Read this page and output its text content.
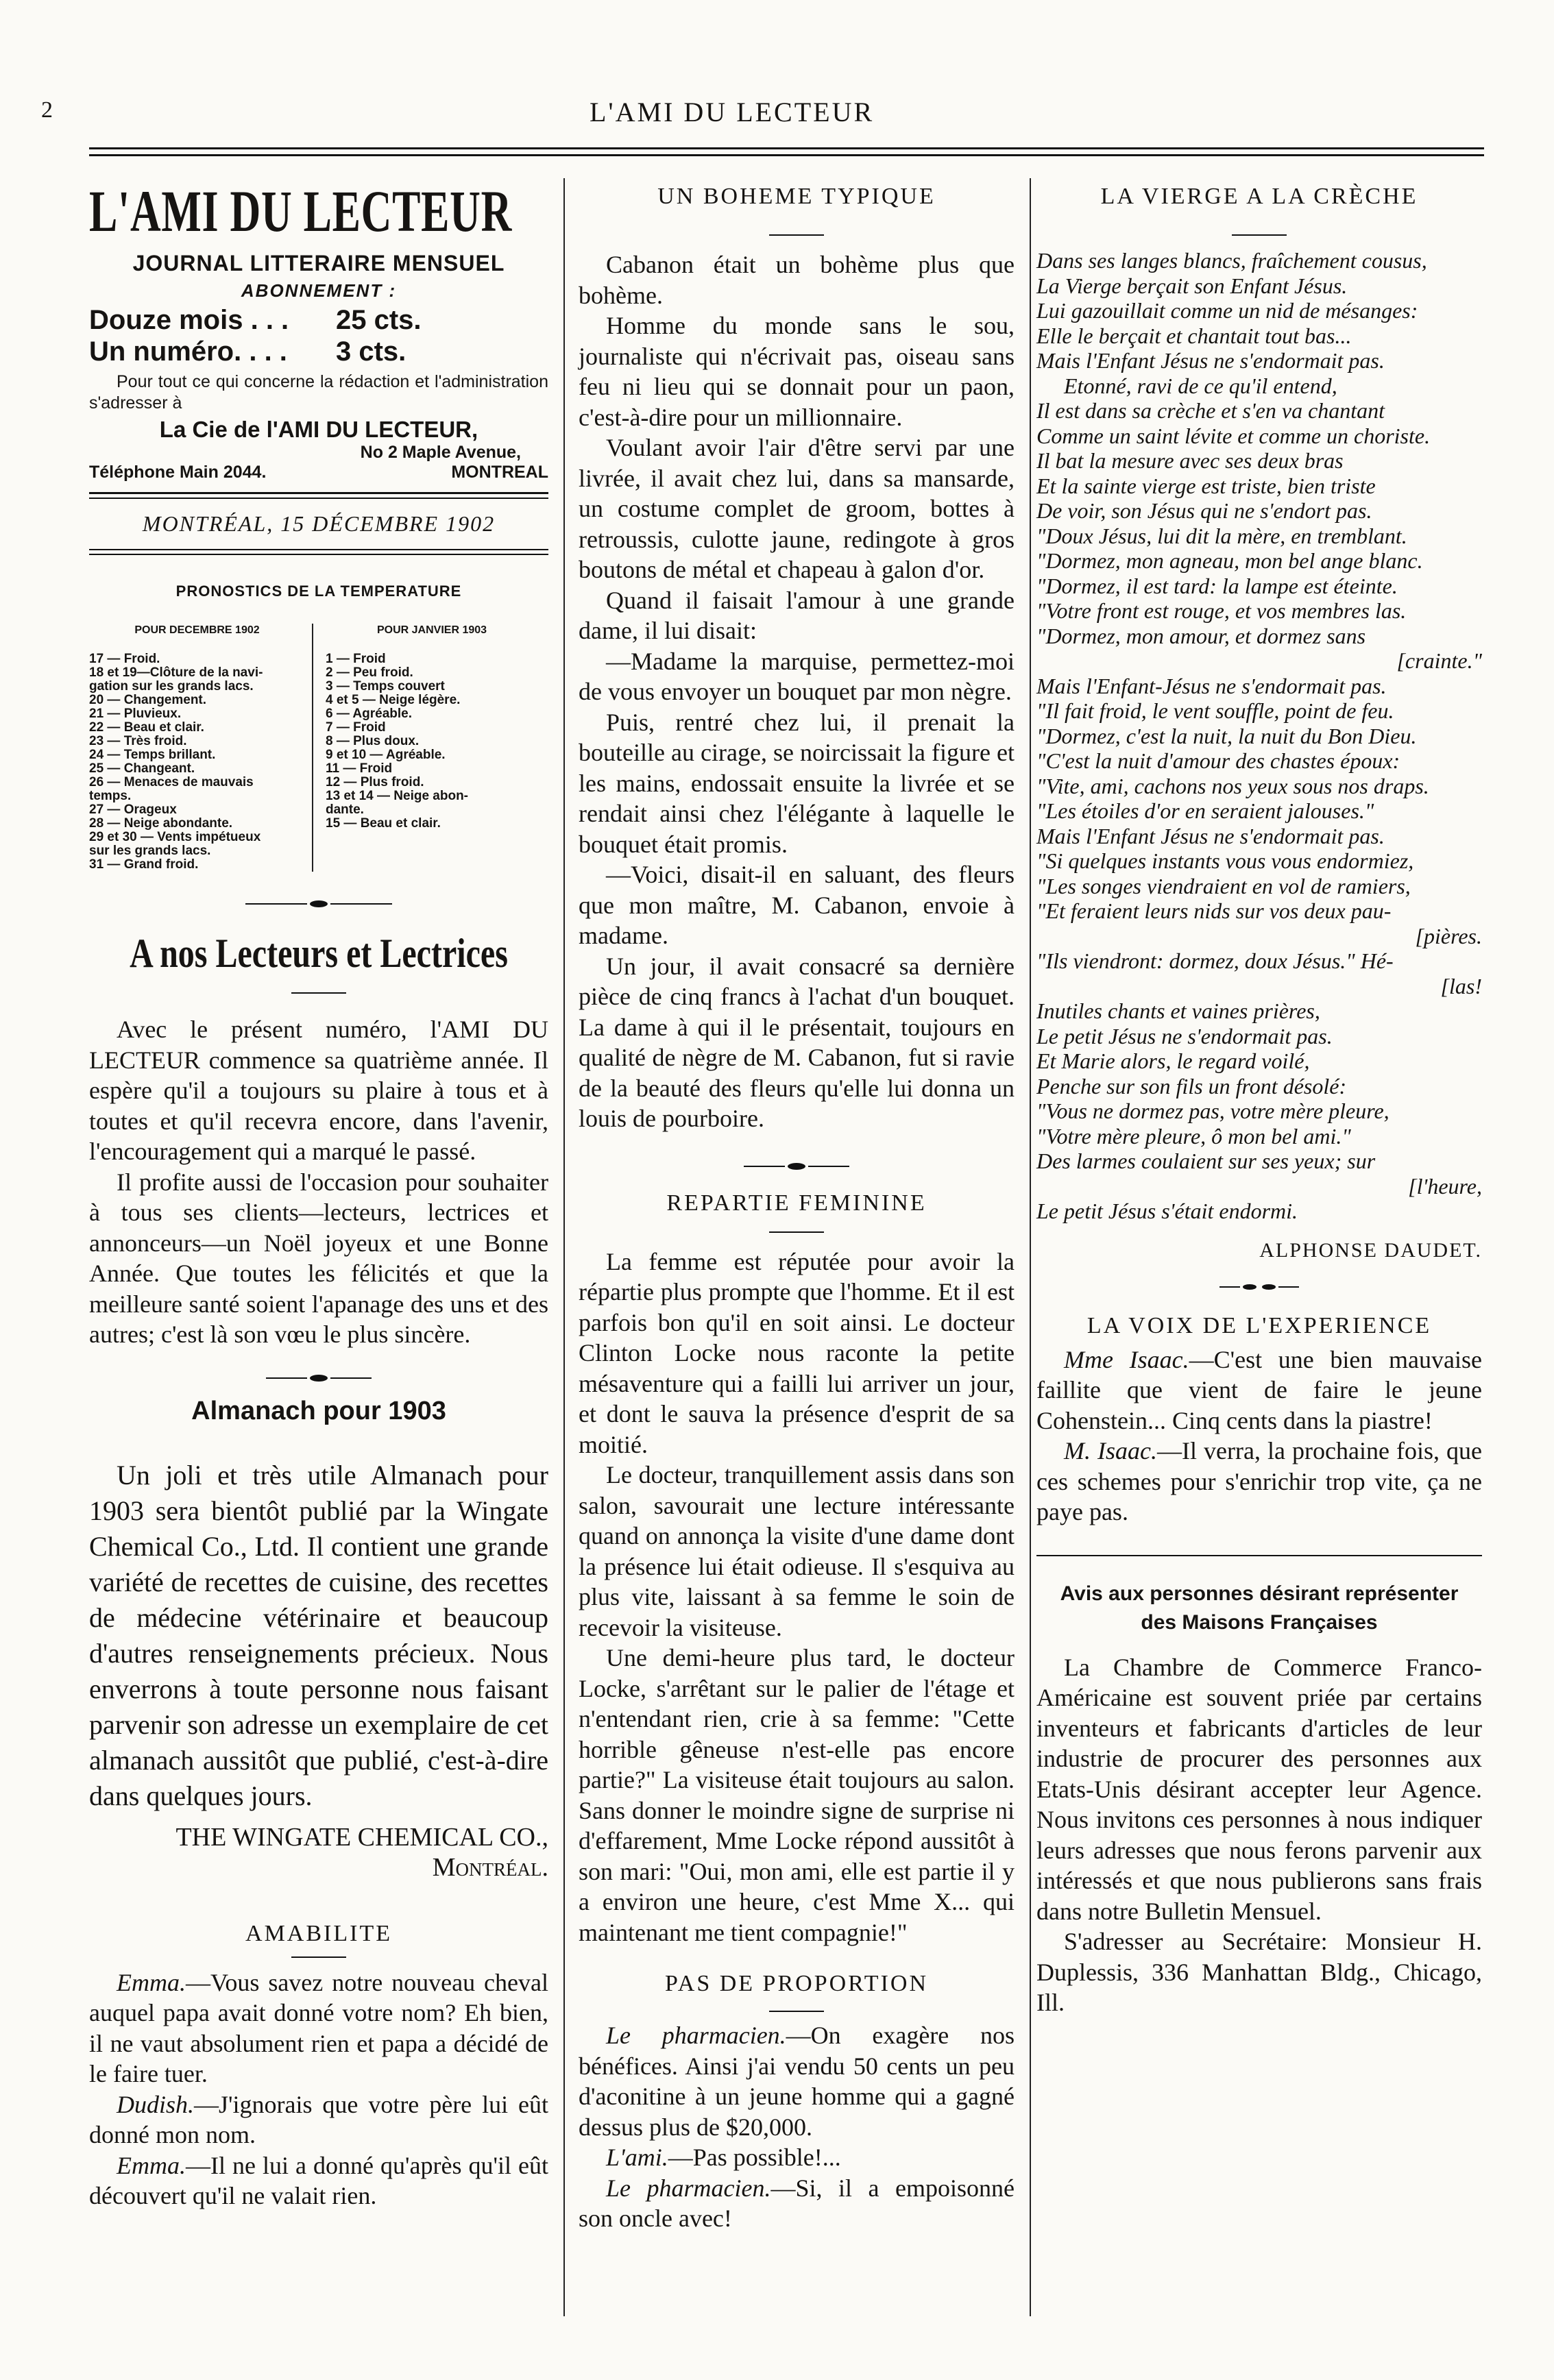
2	L'AMI DU LECTEUR
L'AMI DU LECTEUR
JOURNAL LITTERAIRE MENSUEL
ABONNEMENT :
Douze mois . . .	25 cts.
Un numéro. . . .	3 cts.
Pour tout ce qui concerne la rédaction et l'administration s'adresser à
La Cie de l'AMI DU LECTEUR,
No 2 Maple Avenue,
Téléphone Main 2044.	MONTREAL
MONTRÉAL, 15 DÉCEMBRE 1902
PRONOSTICS DE LA TEMPERATURE
POUR DECEMBRE 1902
17 — Froid.
18 et 19—Clôture de la navi-
gation sur les grands lacs.
20 — Changement.
21 — Pluvieux.
22 — Beau et clair.
23 — Très froid.
24 — Temps brillant.
25 — Changeant.
26 — Menaces de mauvais
temps.
27 — Orageux
28 — Neige abondante.
29 et 30 — Vents impétueux
sur les grands lacs.
31 — Grand froid.
POUR JANVIER 1903
1 — Froid
2 — Peu froid.
3 — Temps couvert
4 et 5 — Neige légère.
6 — Agréable.
7 — Froid
8 — Plus doux.
9 et 10 — Agréable.
11 — Froid
12 — Plus froid.
13 et 14 — Neige abon-
dante.
15 — Beau et clair.
A nos Lecteurs et Lectrices

Avec le présent numéro, l'AMI DU LECTEUR commence sa quatrième année. Il espère qu'il a toujours su plaire à tous et à toutes et qu'il recevra encore, dans l'avenir, l'encouragement qui a marqué le passé.

Il profite aussi de l'occasion pour souhaiter à tous ses clients—lecteurs, lectrices et annonceurs—un Noël joyeux et une Bonne Année. Que toutes les félicités et que la meilleure santé soient l'apanage des uns et des autres; c'est là son vœu le plus sincère.

Almanach pour 1903

Un joli et très utile Almanach pour 1903 sera bientôt publié par la Wingate Chemical Co., Ltd. Il contient une grande variété de recettes de cuisine, des recettes de médecine vétérinaire et beaucoup d'autres renseignements précieux. Nous enverrons à toute personne nous faisant parvenir son adresse un exemplaire de cet almanach aussitôt que publié, c'est-à-dire dans quelques jours.

THE WINGATE CHEMICAL CO., Montréal.

AMABILITE

Emma.—Vous savez notre nouveau cheval auquel papa avait donné votre nom? Eh bien, il ne vaut absolument rien et papa a décidé de le faire tuer.

Dudish.—J'ignorais que votre père lui eût donné mon nom.

Emma.—Il ne lui a donné qu'après qu'il eût découvert qu'il ne valait rien.

UN BOHEME TYPIQUE

Cabanon était un bohème plus que bohème.

Homme du monde sans le sou, journaliste qui n'écrivait pas, oiseau sans feu ni lieu qui se donnait pour un paon, c'est-à-dire pour un millionnaire.

Voulant avoir l'air d'être servi par une livrée, il avait chez lui, dans sa mansarde, un costume complet de groom, bottes à retroussis, culotte jaune, redingote à gros boutons de métal et chapeau à galon d'or.

Quand il faisait l'amour à une grande dame, il lui disait:

—Madame la marquise, permettez-moi de vous envoyer un bouquet par mon nègre.

Puis, rentré chez lui, il prenait la bouteille au cirage, se noircissait la figure et les mains, endossait ensuite la livrée et se rendait ainsi chez l'élégante à laquelle le bouquet était promis.

—Voici, disait-il en saluant, des fleurs que mon maître, M. Cabanon, envoie à madame.

Un jour, il avait consacré sa dernière pièce de cinq francs à l'achat d'un bouquet. La dame à qui il le présentait, toujours en qualité de nègre de M. Cabanon, fut si ravie de la beauté des fleurs qu'elle lui donna un louis de pourboire.

REPARTIE FEMININE

La femme est réputée pour avoir la répartie plus prompte que l'homme. Et il est parfois bon qu'il en soit ainsi. Le docteur Clinton Locke nous raconte la petite mésaventure qui a failli lui arriver un jour, et dont le sauva la présence d'esprit de sa moitié.

Le docteur, tranquillement assis dans son salon, savourait une lecture intéressante quand on annonça la visite d'une dame dont la présence lui était odieuse. Il s'esquiva au plus vite, laissant à sa femme le soin de recevoir la visiteuse.

Une demi-heure plus tard, le docteur Locke, s'arrêtant sur le palier de l'étage et n'entendant rien, crie à sa femme: "Cette horrible gêneuse n'est-elle pas encore partie?" La visiteuse était toujours au salon. Sans donner le moindre signe de surprise ni d'effarement, Mme Locke répond aussitôt à son mari: "Oui, mon ami, elle est partie il y a environ une heure, c'est Mme X... qui maintenant me tient compagnie!"

PAS DE PROPORTION

Le pharmacien.—On exagère nos bénéfices. Ainsi j'ai vendu 50 cents un peu d'aconitine à un jeune homme qui a gagné dessus plus de $20,000.

L'ami.—Pas possible!...

Le pharmacien.—Si, il a empoisonné son oncle avec!

LA VIERGE A LA CRÈCHE
Dans ses langes blancs, fraîchement cousus,
La Vierge berçait son Enfant Jésus.
Lui gazouillait comme un nid de mésanges:
Elle le berçait et chantait tout bas...
Mais l'Enfant Jésus ne s'endormait pas.
Etonné, ravi de ce qu'il entend,
Il est dans sa crèche et s'en va chantant
Comme un saint lévite et comme un choriste.
Il bat la mesure avec ses deux bras
Et la sainte vierge est triste, bien triste
De voir, son Jésus qui ne s'endort pas.
"Doux Jésus, lui dit la mère, en tremblant.
"Dormez, mon agneau, mon bel ange blanc.
"Dormez, il est tard: la lampe est éteinte.
"Votre front est rouge, et vos membres las.
"Dormez, mon amour, et dormez sans
[crainte."
Mais l'Enfant-Jésus ne s'endormait pas.
"Il fait froid, le vent souffle, point de feu.
"Dormez, c'est la nuit, la nuit du Bon Dieu.
"C'est la nuit d'amour des chastes époux:
"Vite, ami, cachons nos yeux sous nos draps.
"Les étoiles d'or en seraient jalouses."
Mais l'Enfant Jésus ne s'endormait pas.
"Si quelques instants vous vous endormiez,
"Les songes viendraient en vol de ramiers,
"Et feraient leurs nids sur vos deux pau-
[pières.
"Ils viendront: dormez, doux Jésus." Hé-
[las!
Inutiles chants et vaines prières,
Le petit Jésus ne s'endormait pas.
Et Marie alors, le regard voilé,
Penche sur son fils un front désolé:
"Vous ne dormez pas, votre mère pleure,
"Votre mère pleure, ô mon bel ami."
Des larmes coulaient sur ses yeux; sur
[l'heure,
Le petit Jésus s'était endormi.

ALPHONSE DAUDET.

LA VOIX DE L'EXPERIENCE

Mme Isaac.—C'est une bien mauvaise faillite que vient de faire le jeune Cohenstein... Cinq cents dans la piastre!

M. Isaac.—Il verra, la prochaine fois, que ces schemes pour s'enrichir trop vite, ça ne paye pas.

Avis aux personnes désirant représenter
des Maisons Françaises

La Chambre de Commerce Franco-Américaine est souvent priée par certains inventeurs et fabricants d'articles de leur industrie de procurer des personnes aux Etats-Unis désirant accepter leur Agence. Nous invitons ces personnes à nous indiquer leurs adresses que nous ferons parvenir aux intéressés et que nous publierons sans frais dans notre Bulletin Mensuel.

S'adresser au Secrétaire: Monsieur H. Duplessis, 336 Manhattan Bldg., Chicago, Ill.
